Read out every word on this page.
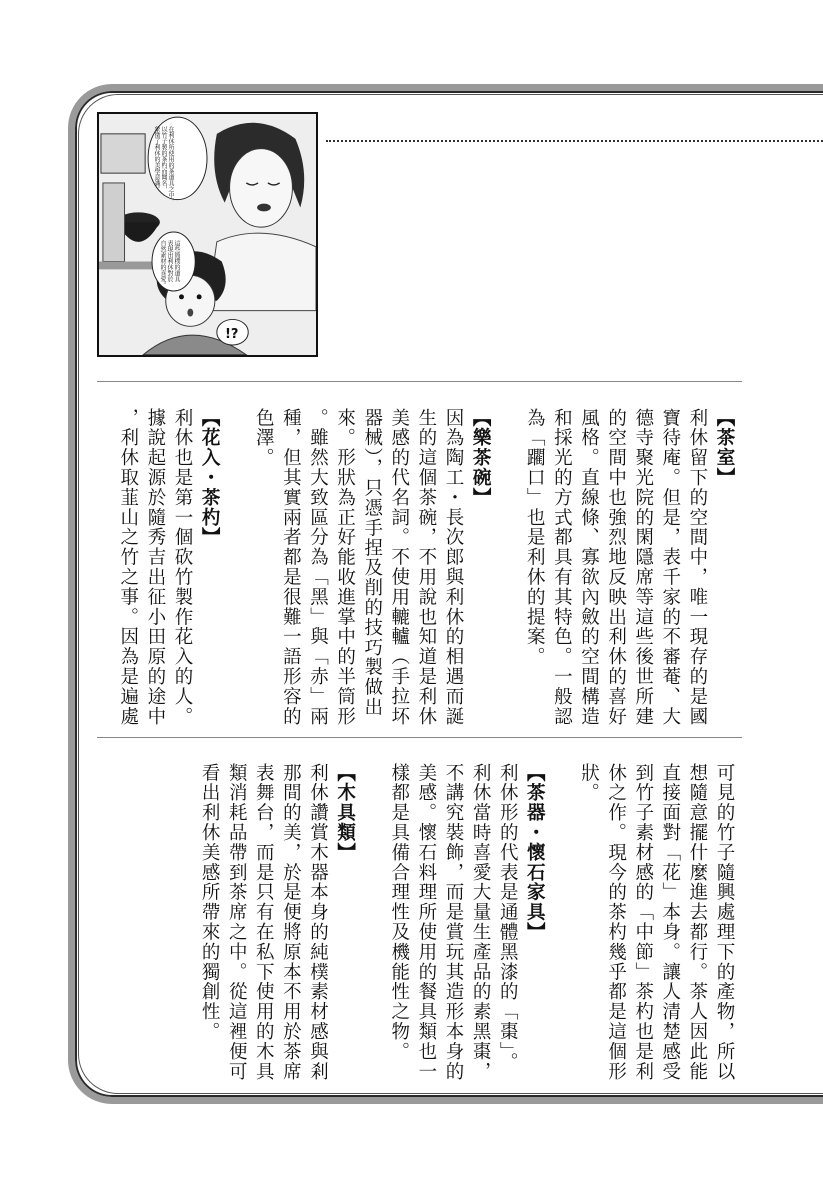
在利休所使用的茶道具之中，
以竹子製的茶杓而聞名，
象徵了利休的美學意識。
這些簡樸的道具
表現出利休對於
自然素材的喜愛。
!?
【茶室】
利休留下的空間中，唯一現存的是國
寶待庵。但是，表千家的不審菴、大
德寺聚光院的閑隱席等這些後世所建
的空間中也強烈地反映出利休的喜好
風格。直線條、寡欲內斂的空間構造
和採光的方式都具有其特色。一般認
為「躙口」也是利休的提案。
【樂茶碗】
因為陶工・長次郎與利休的相遇而誕
生的這個茶碗，不用說也知道是利休
美感的代名詞。不使用轆轤（手拉坏
器械），只憑手捏及削的技巧製做出
來。形狀為正好能收進掌中的半筒形
。雖然大致區分為「黑」與「赤」兩
種，但其實兩者都是很難一語形容的
色澤。
【花入・茶杓】
利休也是第一個砍竹製作花入的人。
據說起源於隨秀吉出征小田原的途中
，利休取韮山之竹之事。因為是遍處
可見的竹子隨興處理下的產物，所以
想隨意擺什麼進去都行。茶人因此能
直接面對「花」本身。讓人清楚感受
到竹子素材感的「中節」茶杓也是利
休之作。現今的茶杓幾乎都是這個形
狀。
【茶器・懷石家具】
利休形的代表是通體黑漆的「棗」。
利休當時喜愛大量生產品的素黑棗，
不講究裝飾，而是賞玩其造形本身的
美感。懷石料理所使用的餐具類也一
樣都是具備合理性及機能性之物。
【木具類】
利休讚賞木器本身的純樸素材感與剎
那間的美，於是便將原本不用於茶席
表舞台，而是只有在私下使用的木具
類消耗品帶到茶席之中。從這裡便可
看出利休美感所帶來的獨創性。
